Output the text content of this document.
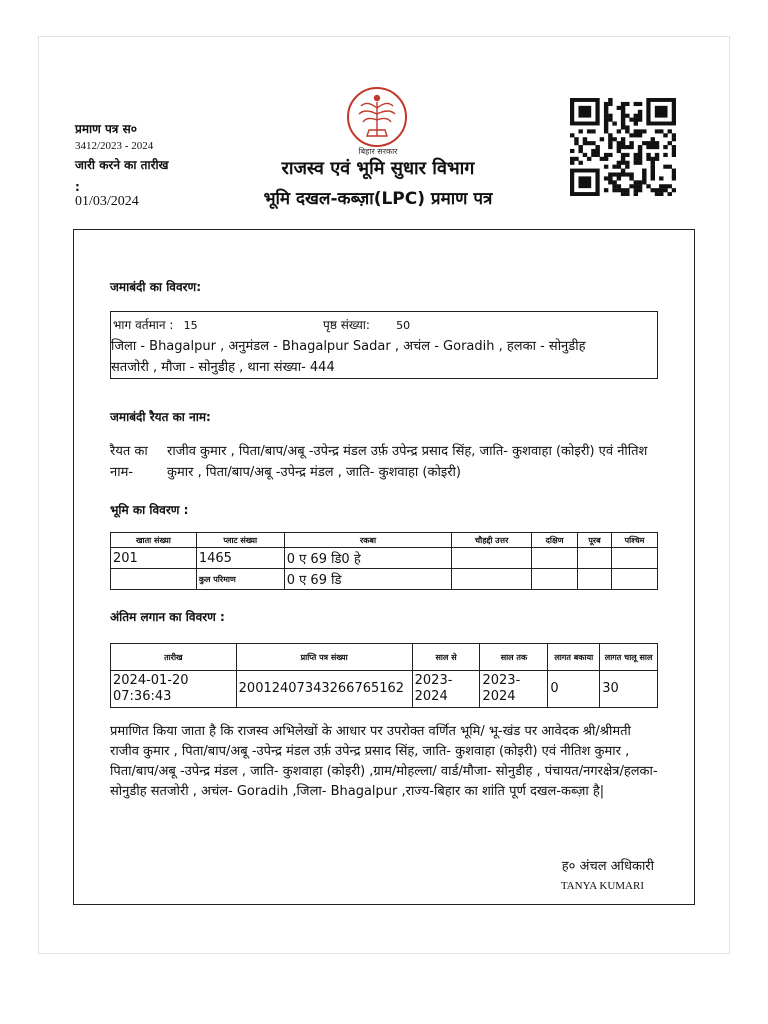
प्रमाण पत्र स०
3412/2023 - 2024
जारी करने का तारीख :
01/03/2024
बिहार सरकार
राजस्व एवं भूमि सुधार विभाग
भूमि दखल-कब्ज़ा(LPC) प्रमाण पत्र
जमाबंदी का विवरण:
भाग वर्तमान : 15	पृष्ठ संख्या: 50
जिला - Bhagalpur , अनुमंडल - Bhagalpur Sadar , अचंल - Goradih , हलका - सोनुडीह
सतजोरी , मौजा - सोनुडीह , थाना संख्या- 444
जमाबंदी रैयत का नाम:
रैयत का नाम-राजीव कुमार , पिता/बाप/अबू -उपेन्द्र मंडल उर्फ़ उपेन्द्र प्रसाद सिंह, जाति- कुशवाहा (कोइरी) एवं नीतिश कुमार , पिता/बाप/अबू -उपेन्द्र मंडल , जाति- कुशवाहा (कोइरी)
भूमि का विवरण :
खाता संख्या	प्लाट संख्या	रकबा	चौहद्दी उत्तर	दक्षिण	पूरब	पश्चिम
201	1465	0 ए 69 डि0 हे				
	कुल परिमाण	0 ए 69 डि				
अंतिम लगान का विवरण :
तारीख	प्राप्ति पत्र संख्या	साल से	साल तक	लागत बकाया	लागत चालू साल
2024-01-20 07:36:43	20012407343266765162	2023-2024	2023-2024	0	30
प्रमाणित किया जाता है कि राजस्व अभिलेखों के आधार पर उपरोक्त वर्णित भूमि/ भू-खंड पर आवेदक श्री/श्रीमती राजीव कुमार , पिता/बाप/अबू -उपेन्द्र मंडल उर्फ़ उपेन्द्र प्रसाद सिंह, जाति- कुशवाहा (कोइरी) एवं नीतिश कुमार , पिता/बाप/अबू -उपेन्द्र मंडल , जाति- कुशवाहा (कोइरी) ,ग्राम/मोहल्ला/ वार्ड/मौजा- सोनुडीह , पंचायत/नगरक्षेत्र/हलका- सोनुडीह सतजोरी , अचंल- Goradih ,जिला- Bhagalpur ,राज्य-बिहार का शांति पूर्ण दखल-कब्ज़ा है|
ह० अंचल अधिकारी
TANYA KUMARI
